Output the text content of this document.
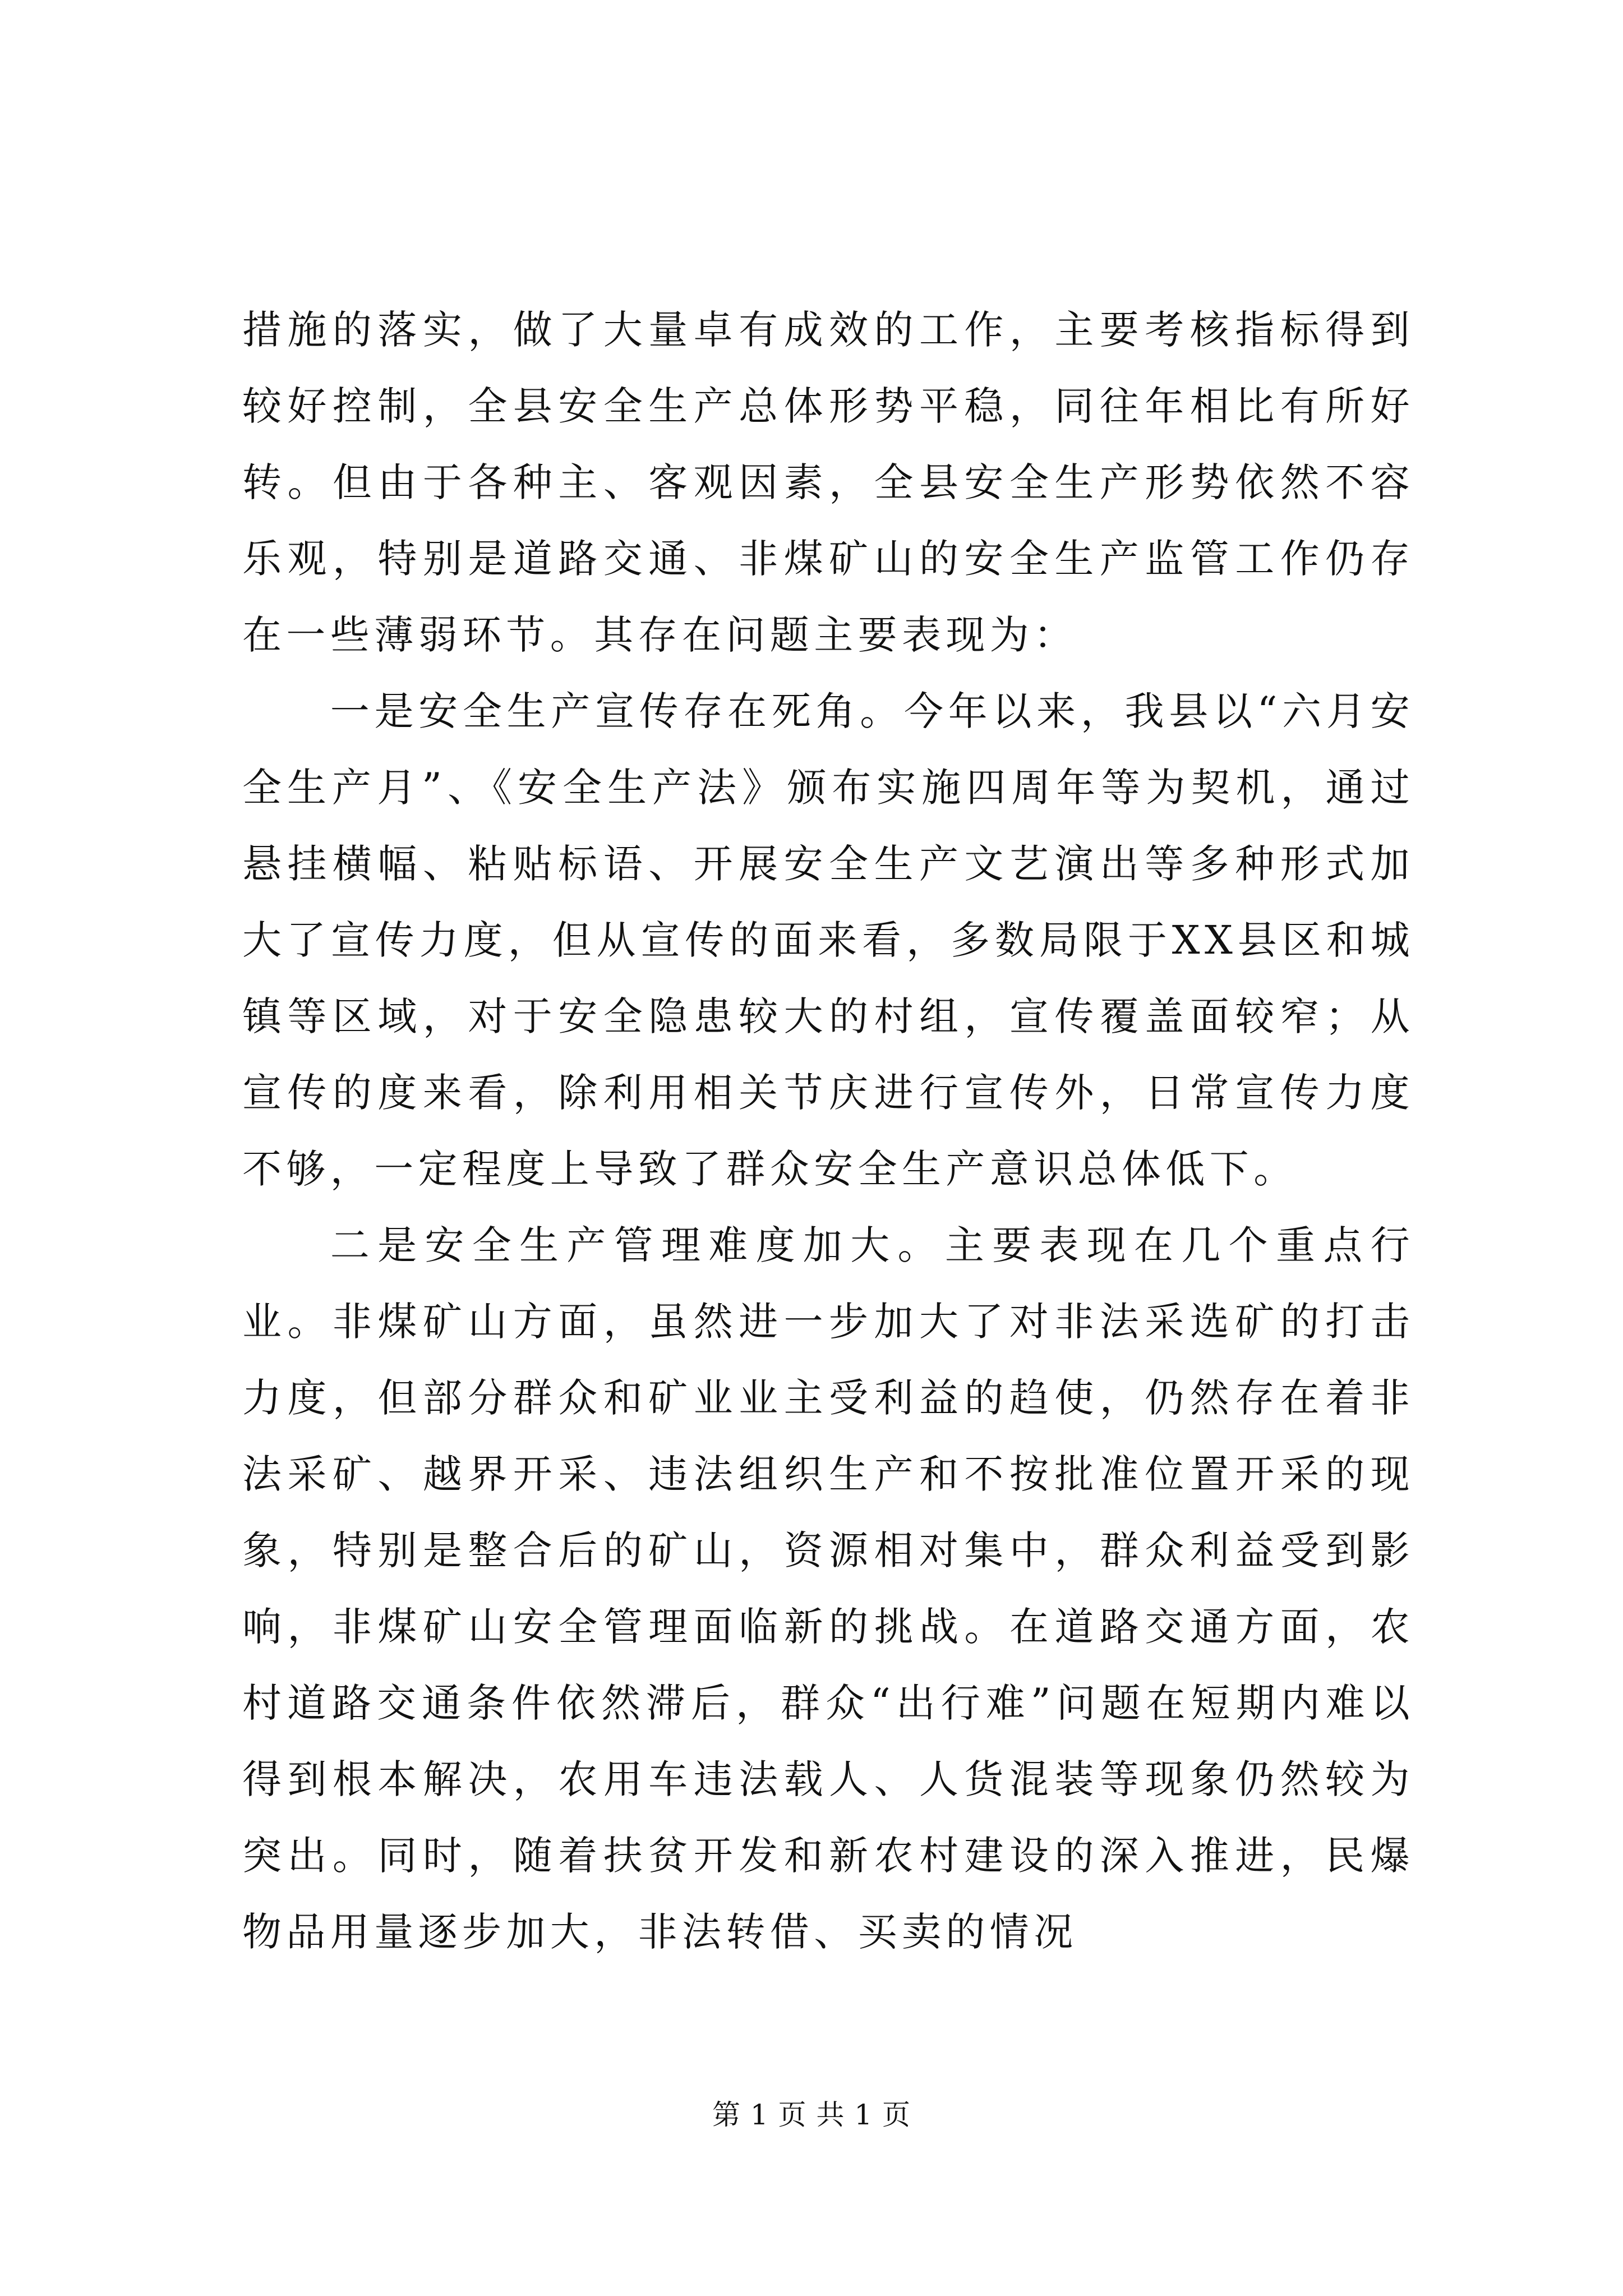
措施的落实，做了大量卓有成效的工作，主要考核指标得到较好控制，全县安全生产总体形势平稳，同往年相比有所好转。但由于各种主、客观因素，全县安全生产形势依然不容乐观，特别是道路交通、非煤矿山的安全生产监管工作仍存在一些薄弱环节。其存在问题主要表现为：

一是安全生产宣传存在死角。今年以来，我县以“六月安全生产月”、《安全生产法》颁布实施四周年等为契机，通过悬挂横幅、粘贴标语、开展安全生产文艺演出等多种形式加大了宣传力度，但从宣传的面来看，多数局限于XX县区和城镇等区域，对于安全隐患较大的村组，宣传覆盖面较窄；从宣传的度来看，除利用相关节庆进行宣传外，日常宣传力度不够，一定程度上导致了群众安全生产意识总体低下。

二是安全生产管理难度加大。主要表现在几个重点行业。非煤矿山方面，虽然进一步加大了对非法采选矿的打击力度，但部分群众和矿业业主受利益的趋使，仍然存在着非法采矿、越界开采、违法组织生产和不按批准位置开采的现象，特别是整合后的矿山，资源相对集中，群众利益受到影响，非煤矿山安全管理面临新的挑战。在道路交通方面，农村道路交通条件依然滞后，群众“出行难”问题在短期内难以得到根本解决，农用车违法载人、人货混装等现象仍然较为突出。同时，随着扶贫开发和新农村建设的深入推进，民爆物品用量逐步加大，非法转借、买卖的情况

第 1 页 共 1 页
